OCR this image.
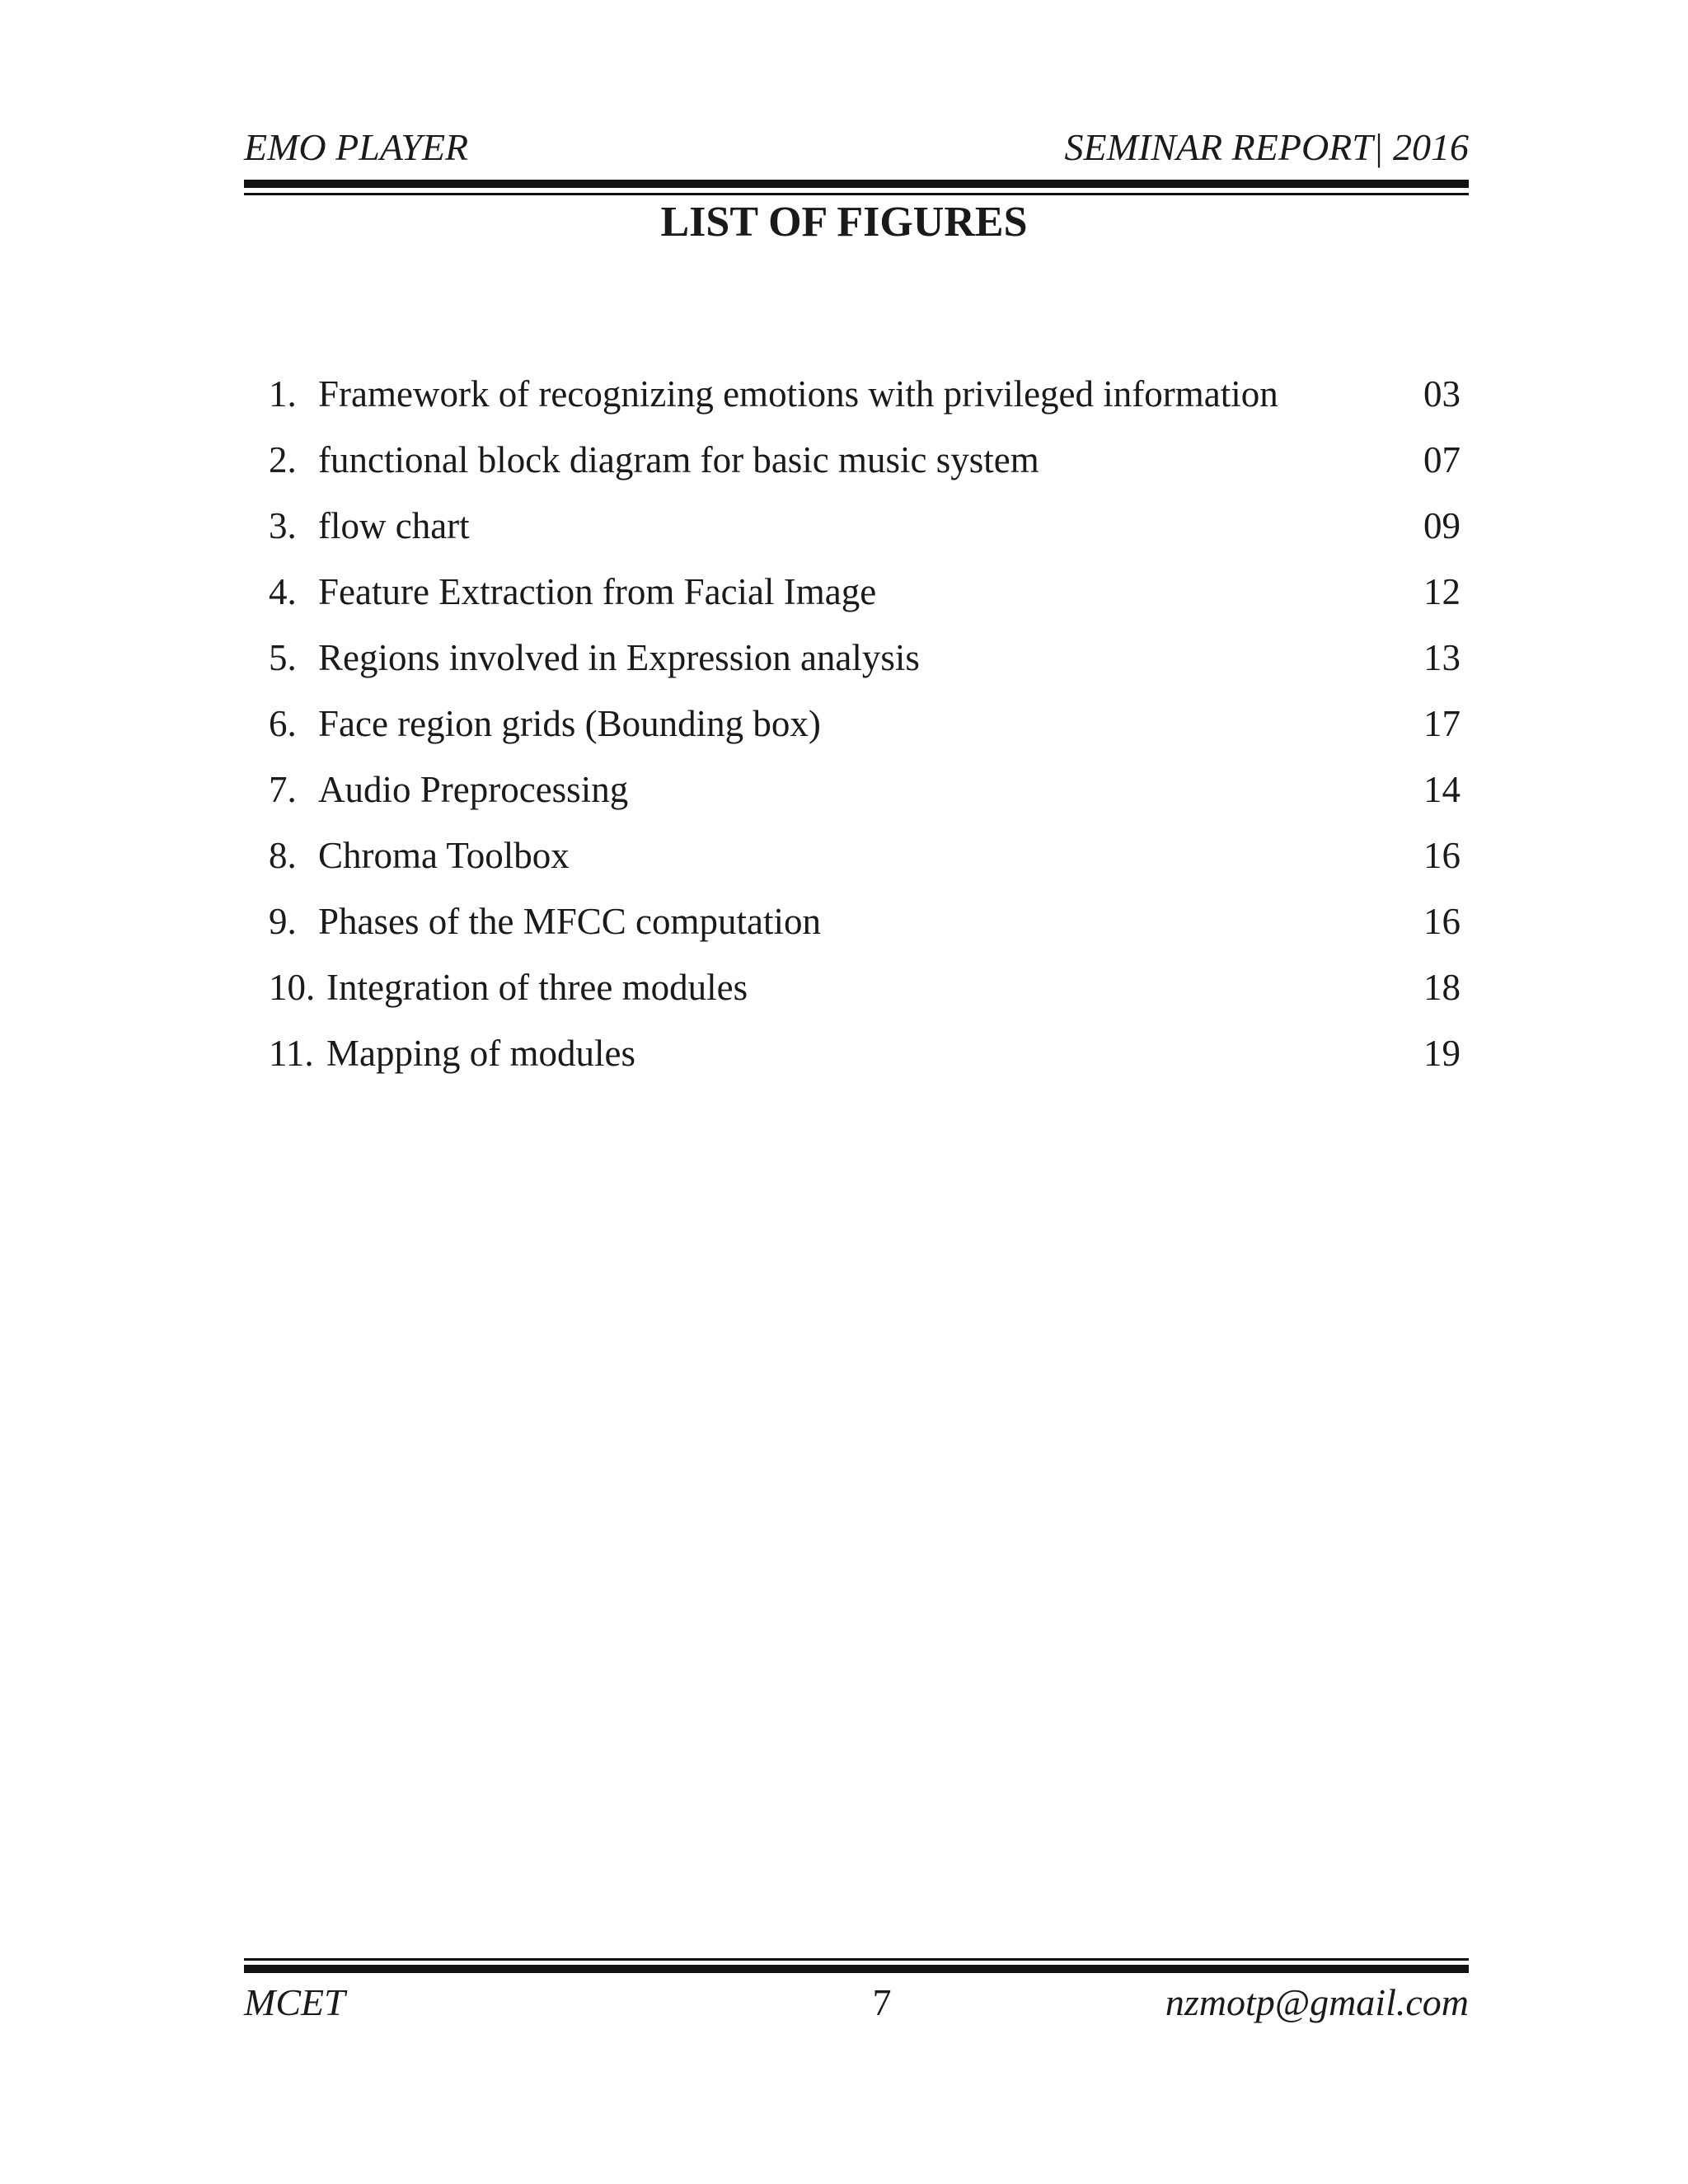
EMO PLAYER	SEMINAR REPORT| 2016
LIST OF FIGURES
1. Framework of recognizing emotions with privileged information	03
2. functional block diagram for basic music system	07
3. flow chart	09
4. Feature Extraction from Facial Image	12
5. Regions involved in Expression analysis	13
6. Face region grids (Bounding box)	17
7. Audio Preprocessing	14
8. Chroma Toolbox	16
9. Phases of the MFCC computation	16
10. Integration of three modules	18
11. Mapping of modules	19
MCET	7	nzmotp@gmail.com
